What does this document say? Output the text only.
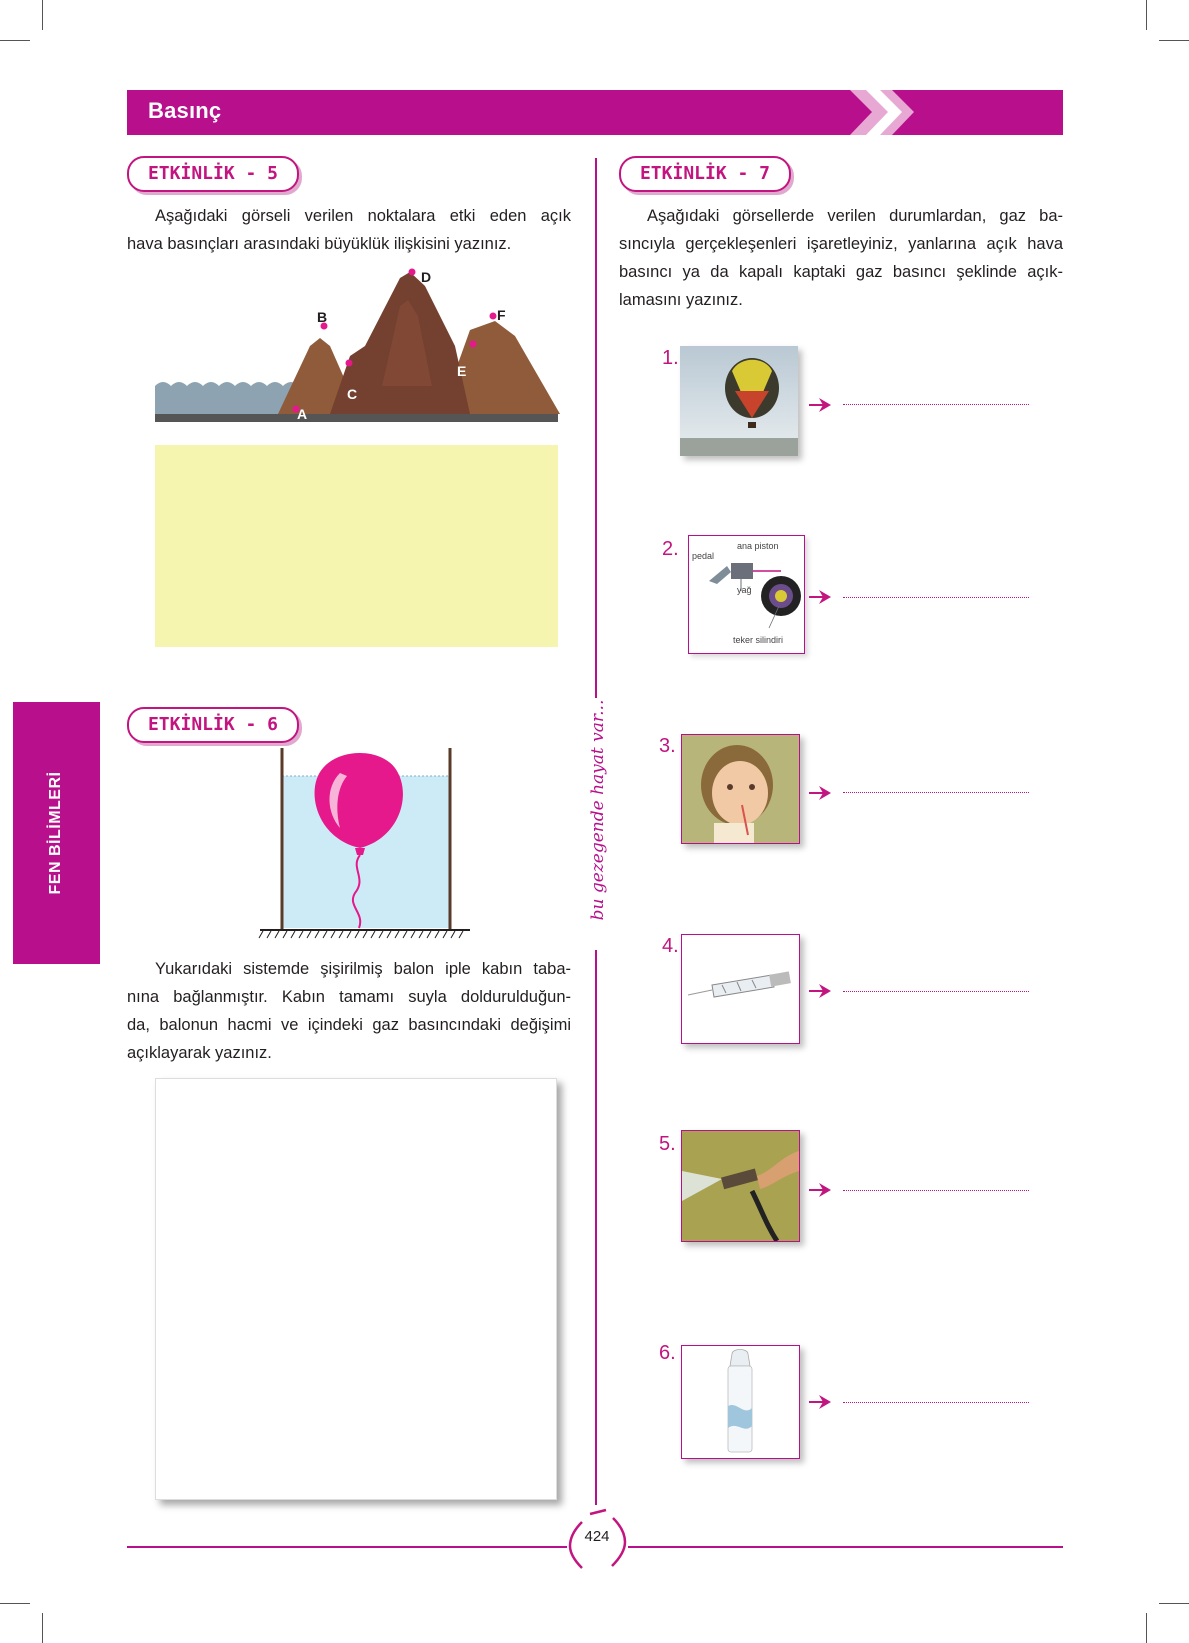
Basınç
FEN BİLİMLERİ	bu gezegende hayat var...
ETKİNLİK - 5
Aşağıdaki görseli verilen noktalara etki eden açık
hava basınçları arasındaki büyüklük ilişkisini yazınız.
A
B
C
D
E
F
ETKİNLİK - 6
Yukarıdaki sistemde şişirilmiş balon iple kabın taba-
nına bağlanmıştır. Kabın tamamı suyla doldurulduğun-
da, balonun hacmi ve içindeki gaz basıncındaki değişimi
açıklayarak yazınız.
ETKİNLİK - 7
Aşağıdaki görsellerde verilen durumlardan, gaz ba-
sıncıyla gerçekleşenleri işaretleyiniz, yanlarına açık hava
basıncı ya da kapalı kaptaki gaz basıncı şeklinde açık-
lamasını yazınız.
1.
2. pedal
ana piston
yağ
teker silindiri
3.
4.
5.
6.
424
